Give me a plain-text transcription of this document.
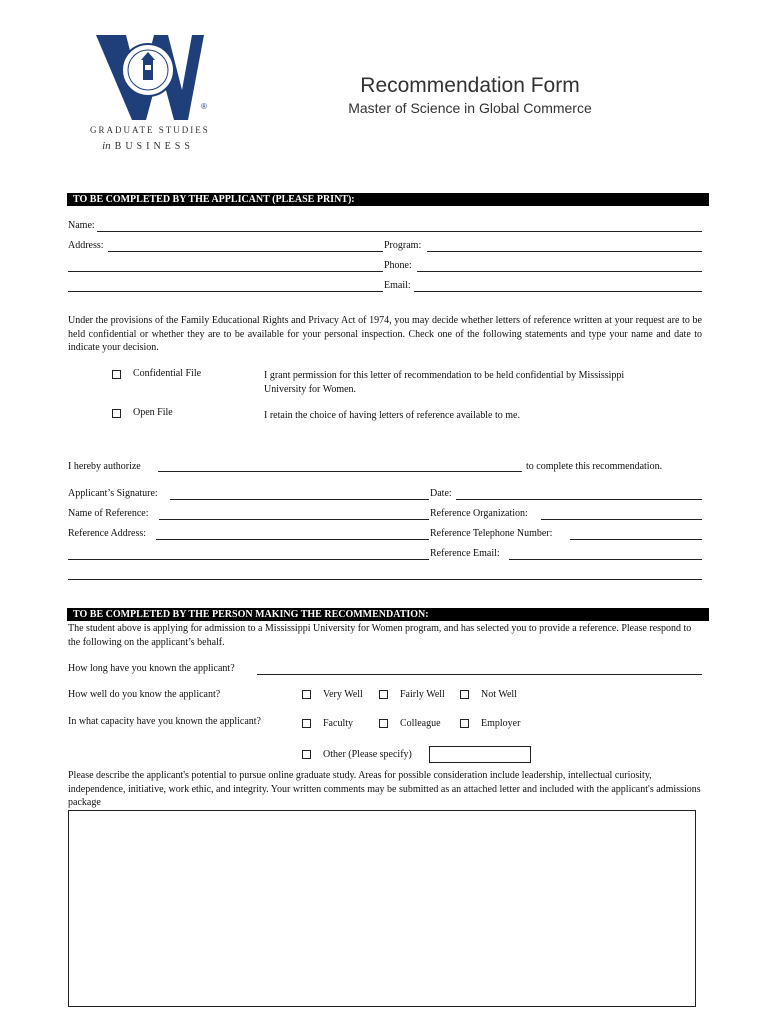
®
GRADUATE STUDIES
in BUSINESS
Recommendation Form
Master of Science in Global Commerce
TO BE COMPLETED BY THE APPLICANT (PLEASE PRINT):
Name:
Address:	Program:
Phone:
Email:
Under the provisions of the Family Educational Rights and Privacy Act of 1974, you may decide whether letters of reference written at your request are to be held confidential or whether they are to be available for your personal inspection. Check one of the following statements and type your name and date to indicate your decision.
Confidential File	I grant permission for this letter of recommendation to be held confidential by Mississippi University for Women.
Open File	I retain the choice of having letters of reference available to me.
I hereby authorize	to complete this recommendation.
Applicant’s Signature:	Date:
Name of Reference:	Reference Organization:
Reference Address:	Reference Telephone Number:
Reference Email:
TO BE COMPLETED BY THE PERSON MAKING THE RECOMMENDATION:
The student above is applying for admission to a Mississippi University for Women program, and has selected you to provide a reference. Please respond to the following on the applicant’s behalf.
How long have you known the applicant?
How well do you know the applicant?	Very Well	Fairly Well	Not Well
In what capacity have you known the applicant?	Faculty	Colleague	Employer
Other (Please specify)
Please describe the applicant's potential to pursue online graduate study. Areas for possible consideration include leadership, intellectual curiosity, independence, initiative, work ethic, and integrity. Your written comments may be submitted as an attached letter and included with the applicant's admissions package
